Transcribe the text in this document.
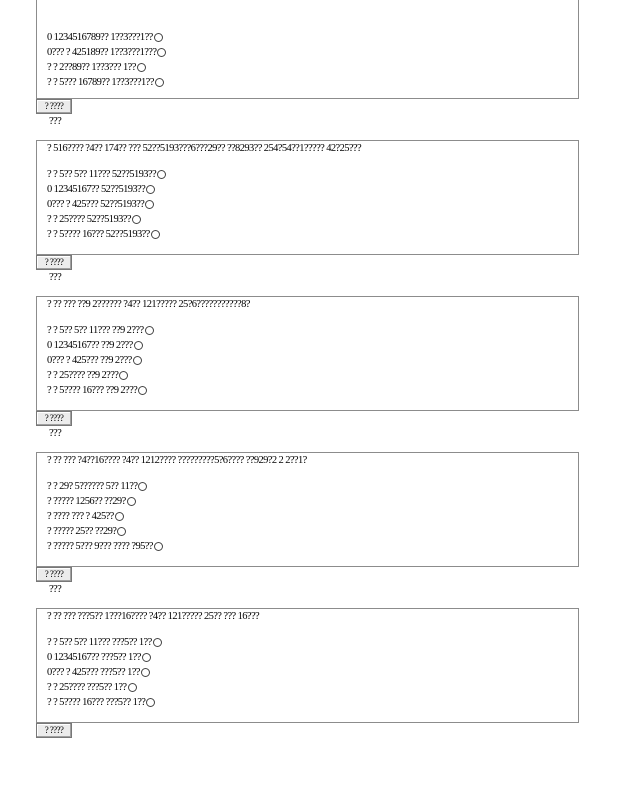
0 1234516789?? 1??3???1??
0??? ? 425189?? 1??3???1???
? ? 2??89?? 1??3??? 1??
? ? 5??? 16789?? 1??3???1??
? ????
???
? 516???? ?4?? 174?? ??? 52??5193???6???29?? ??8293?? 254?54??1????? 42?25???
? ? 5?? 5?? 11??? 52??5193??
0 12345167?? 52??5193??
0??? ? 425??? 52??5193??
? ? 25???? 52??5193??
? ? 5???? 16??? 52??5193??
? ????
???
? ?? ??? ??9 2?????? ?4?? 121????? 25?6???????????8?
? ? 5?? 5?? 11??? ??9 2???
0 12345167?? ??9 2???
0??? ? 425??? ??9 2???
? ? 25???? ??9 2???
? ? 5???? 16??? ??9 2???
? ????
???
? ?? ??? ?4??16???? ?4?? 1212???? ?????????5?6???? ??929?2 2 2??1?
? ? 29? 5?????? 5?? 11??
? ????? 1256?? ??29?
? ???? ??? ? 425??
? ????? 25?? ??29?
? ????? 5??? 9??? ???? ?95??
? ????
???
? ?? ??? ???5?? 1???16???? ?4?? 121????? 25?? ??? 16???
? ? 5?? 5?? 11??? ???5?? 1??
0 12345167?? ???5?? 1??
0??? ? 425??? ???5?? 1??
? ? 25???? ???5?? 1??
? ? 5???? 16??? ???5?? 1??
? ????
